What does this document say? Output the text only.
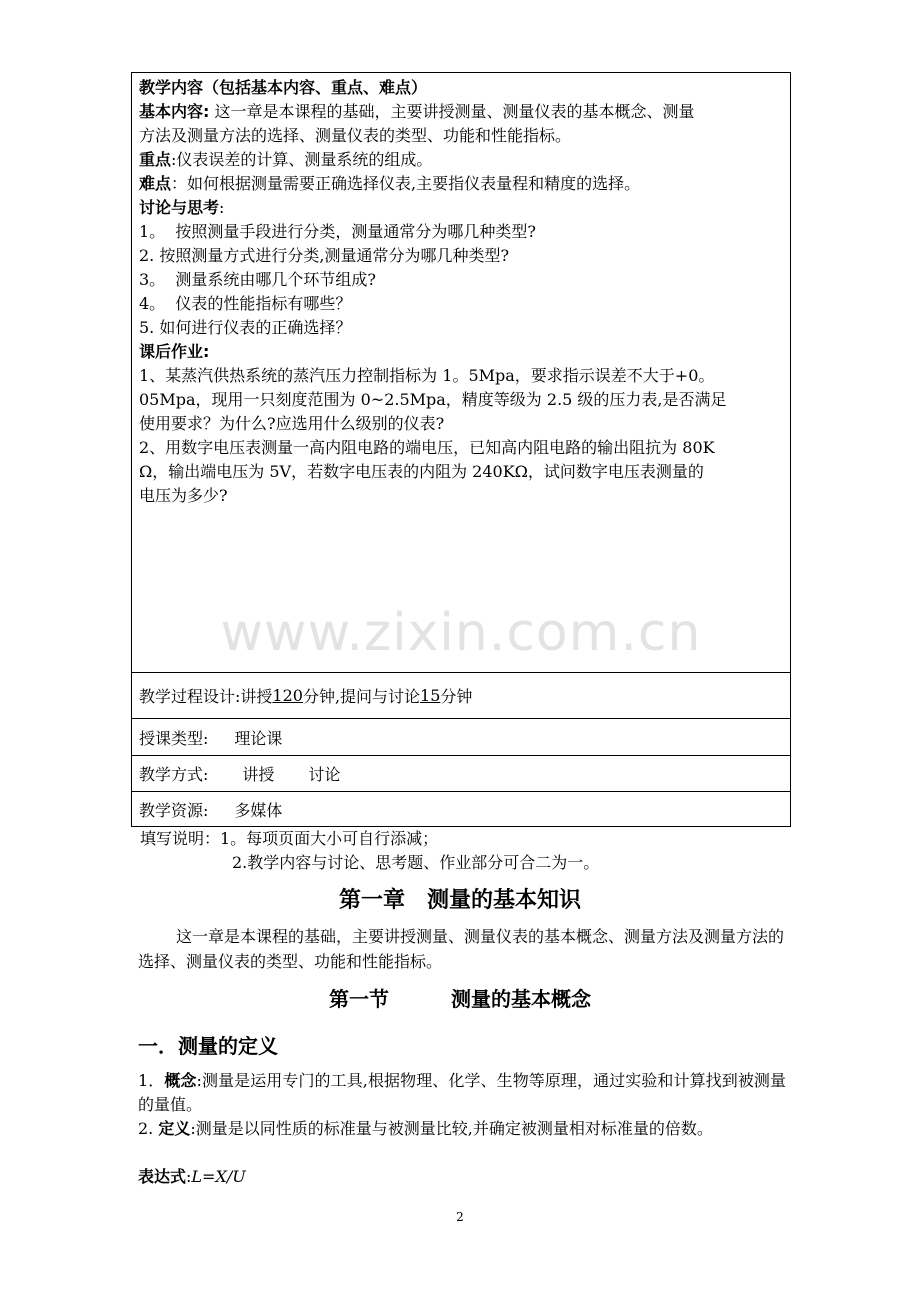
www.zixin.com.cn
教学内容（包括基本内容、重点、难点）
基本内容: 这一章是本课程的基础，主要讲授测量、测量仪表的基本概念、测量
方法及测量方法的选择、测量仪表的类型、功能和性能指标。
重点:仪表误差的计算、测量系统的组成。
难点：如何根据测量需要正确选择仪表,主要指仪表量程和精度的选择。
讨论与思考:
1。  按照测量手段进行分类，测量通常分为哪几种类型?
2. 按照测量方式进行分类,测量通常分为哪几种类型?
3。  测量系统由哪几个环节组成?
4。  仪表的性能指标有哪些？
5. 如何进行仪表的正确选择？
课后作业:
1、某蒸汽供热系统的蒸汽压力控制指标为 1。5Mpa，要求指示误差不大于+0。
05Mpa，现用一只刻度范围为 0~2.5Mpa，精度等级为 2.5 级的压力表,是否满足
使用要求？为什么?应选用什么级别的仪表?
2、用数字电压表测量一高内阻电路的端电压，已知高内阻电路的输出阻抗为 80K
Ω，输出端电压为 5V，若数字电压表的内阻为 240KΩ，试问数字电压表测量的
电压为多少?
教学过程设计:讲授 120 分钟,提问与讨论 15 分钟
授课类型: 理论课
教学方式: 讲授 讨论
教学资源: 多媒体
填写说明：1。每项页面大小可自行添减；
2.教学内容与讨论、思考题、作业部分可合二为一。
第一章 测量的基本知识
这一章是本课程的基础，主要讲授测量、测量仪表的基本概念、测量方法及测量方法的选择、测量仪表的类型、功能和性能指标。
第一节	测量的基本概念
一．测量的定义
1．概念:测量是运用专门的工具,根据物理、化学、生物等原理，通过实验和计算找到被测量的量值。
2. 定义:测量是以同性质的标准量与被测量比较,并确定被测量相对标准量的倍数。
表达式:L=X/U
2
